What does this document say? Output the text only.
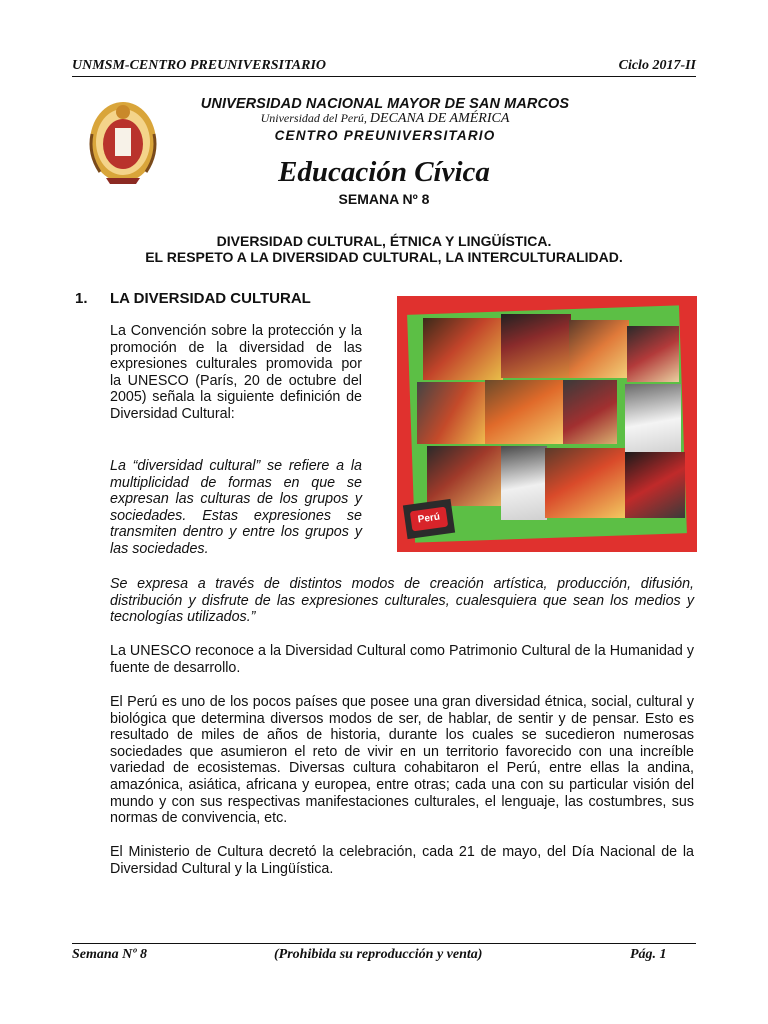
UNMSM-CENTRO PREUNIVERSITARIO	Ciclo 2017-II
UNIVERSIDAD NACIONAL MAYOR DE SAN MARCOS
Universidad del Perú, DECANA DE AMÉRICA
CENTRO PREUNIVERSITARIO
Educación Cívica
SEMANA Nº 8
DIVERSIDAD CULTURAL, ÉTNICA Y LINGÜÍSTICA.
EL RESPETO A LA DIVERSIDAD CULTURAL, LA INTERCULTURALIDAD.
1. LA DIVERSIDAD CULTURAL
La Convención sobre la protección y la promoción de la diversidad de las expresiones culturales promovida por la UNESCO (París, 20 de octubre del 2005) señala la siguiente definición de Diversidad Cultural:
La “diversidad cultural” se refiere a la multiplicidad de formas en que se expresan las culturas de los grupos y sociedades. Estas expresiones se transmiten dentro y entre los grupos y las sociedades.
Perú
Se expresa a través de distintos modos de creación artística, producción, difusión, distribución y disfrute de las expresiones culturales, cualesquiera que sean los medios y tecnologías utilizados.”
La UNESCO reconoce a la Diversidad Cultural como Patrimonio Cultural de la Humanidad y fuente de desarrollo.
El Perú es uno de los pocos países que posee una gran diversidad étnica, social, cultural y biológica que determina diversos modos de ser, de hablar, de sentir y de pensar. Esto es resultado de miles de años de historia, durante los cuales se sucedieron numerosas sociedades que asumieron el reto de vivir en un territorio favorecido con una increíble variedad de ecosistemas. Diversas cultura cohabitaron el Perú, entre ellas la andina, amazónica, asiática, africana y europea, entre otras; cada una con su particular visión del mundo y con sus respectivas manifestaciones culturales, el lenguaje, las costumbres, sus normas de convivencia, etc.
El Ministerio de Cultura decretó la celebración, cada 21 de mayo, del Día Nacional de la Diversidad Cultural y la Lingüística.
Semana Nº 8	(Prohibida su reproducción y venta)	Pág. 1
